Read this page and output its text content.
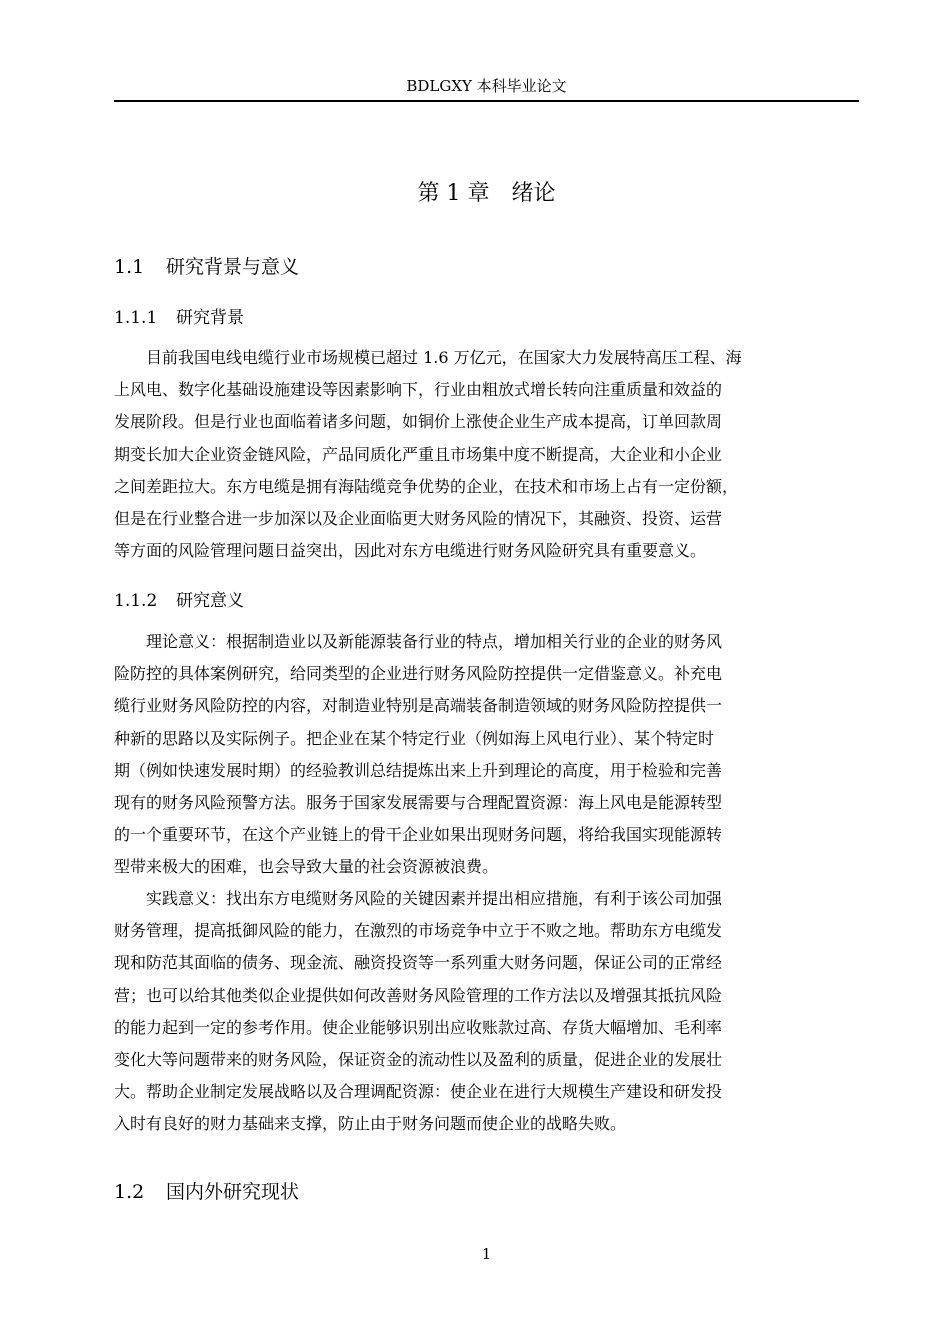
BDLGXY 本科毕业论文
第 1 章 绪论
1.1 研究背景与意义
1.1.1 研究背景
　　目前我国电线电缆行业市场规模已超过 1.6 万亿元，在国家大力发展特高压工程、海
上风电、数字化基础设施建设等因素影响下，行业由粗放式增长转向注重质量和效益的
发展阶段。但是行业也面临着诸多问题，如铜价上涨使企业生产成本提高，订单回款周
期变长加大企业资金链风险，产品同质化严重且市场集中度不断提高，大企业和小企业
之间差距拉大。东方电缆是拥有海陆缆竞争优势的企业，在技术和市场上占有一定份额，
但是在行业整合进一步加深以及企业面临更大财务风险的情况下，其融资、投资、运营
等方面的风险管理问题日益突出，因此对东方电缆进行财务风险研究具有重要意义。
1.1.2 研究意义
　　理论意义：根据制造业以及新能源装备行业的特点，增加相关行业的企业的财务风
险防控的具体案例研究，给同类型的企业进行财务风险防控提供一定借鉴意义。补充电
缆行业财务风险防控的内容，对制造业特别是高端装备制造领域的财务风险防控提供一
种新的思路以及实际例子。把企业在某个特定行业（例如海上风电行业）、某个特定时
期（例如快速发展时期）的经验教训总结提炼出来上升到理论的高度，用于检验和完善
现有的财务风险预警方法。服务于国家发展需要与合理配置资源：海上风电是能源转型
的一个重要环节，在这个产业链上的骨干企业如果出现财务问题，将给我国实现能源转
型带来极大的困难，也会导致大量的社会资源被浪费。
　　实践意义：找出东方电缆财务风险的关键因素并提出相应措施，有利于该公司加强
财务管理，提高抵御风险的能力，在激烈的市场竞争中立于不败之地。帮助东方电缆发
现和防范其面临的债务、现金流、融资投资等一系列重大财务问题，保证公司的正常经
营；也可以给其他类似企业提供如何改善财务风险管理的工作方法以及增强其抵抗风险
的能力起到一定的参考作用。使企业能够识别出应收账款过高、存货大幅增加、毛利率
变化大等问题带来的财务风险，保证资金的流动性以及盈利的质量，促进企业的发展壮
大。帮助企业制定发展战略以及合理调配资源：使企业在进行大规模生产建设和研发投
入时有良好的财力基础来支撑，防止由于财务问题而使企业的战略失败。
1.2 国内外研究现状
1
